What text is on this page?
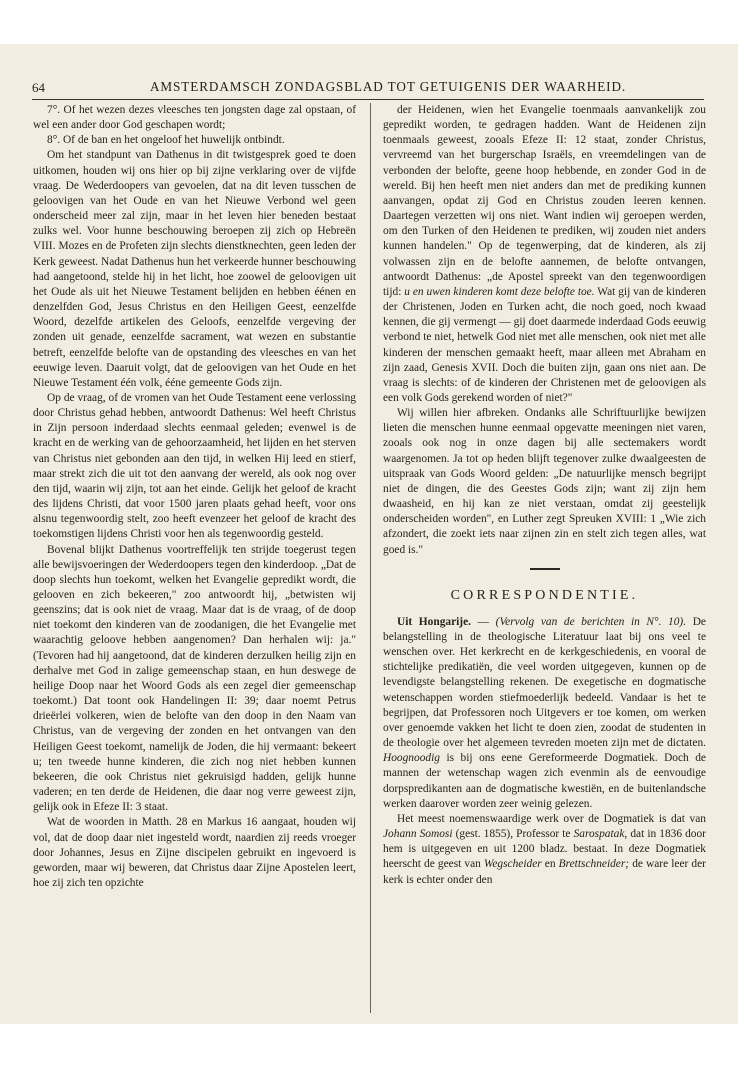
64	AMSTERDAMSCH ZONDAGSBLAD TOT GETUIGENIS DER WAARHEID.

7°. Of het wezen dezes vleesches ten jongsten dage zal opstaan, of wel een ander door God geschapen wordt;

8°. Of de ban en het ongeloof het huwelijk ontbindt.

Om het standpunt van Dathenus in dit twistgesprek goed te doen uitkomen, houden wij ons hier op bij zijne verklaring over de vijfde vraag. De Wederdoopers van gevoelen, dat na dit leven tusschen de geloovigen van het Oude en van het Nieuwe Verbond wel geen onderscheid meer zal zijn, maar in het leven hier beneden bestaat zulks wel. Voor hunne beschouwing beroepen zij zich op Hebreën VIII. Mozes en de Profeten zijn slechts dienstknechten, geen leden der Kerk geweest. Nadat Dathenus hun het verkeerde hunner beschouwing had aangetoond, stelde hij in het licht, hoe zoowel de geloovigen uit het Oude als uit het Nieuwe Testament belijden en hebben éénen en denzelfden God, Jesus Christus en den Heiligen Geest, eenzelfde Woord, dezelfde artikelen des Geloofs, eenzelfde vergeving der zonden uit genade, eenzelfde sacrament, wat wezen en substantie betreft, eenzelfde belofte van de opstanding des vleesches en van het eeuwige leven. Daaruit volgt, dat de geloovigen van het Oude en het Nieuwe Testament één volk, ééne gemeente Gods zijn.

Op de vraag, of de vromen van het Oude Testament eene verlossing door Christus gehad hebben, antwoordt Dathenus: Wel heeft Christus in Zijn persoon inderdaad slechts eenmaal geleden; evenwel is de kracht en de werking van de gehoorzaamheid, het lijden en het sterven van Christus niet gebonden aan den tijd, in welken Hij leed en stierf, maar strekt zich die uit tot den aanvang der wereld, als ook nog over den tijd, waarin wij zijn, tot aan het einde. Gelijk het geloof de kracht des lijdens Christi, dat voor 1500 jaren plaats gehad heeft, voor ons alsnu tegenwoordig stelt, zoo heeft evenzeer het geloof de kracht des toekomstigen lijdens Christi voor hen als tegenwoordig gesteld.

Bovenal blijkt Dathenus voortreffelijk ten strijde toegerust tegen alle bewijsvoeringen der Wederdoopers tegen den kinderdoop. „Dat de doop slechts hun toekomt, welken het Evangelie gepredikt wordt, die gelooven en zich bekeeren," zoo antwoordt hij, „betwisten wij geenszins; dat is ook niet de vraag. Maar dat is de vraag, of de doop niet toekomt den kinderen van de zoodanigen, die het Evangelie met waarachtig geloove hebben aangenomen? Dan herhalen wij: ja." (Tevoren had hij aangetoond, dat de kinderen derzulken heilig zijn en derhalve met God in zalige gemeenschap staan, en hun deswege de heilige Doop naar het Woord Gods als een zegel dier gemeenschap toekomt.) Dat toont ook Handelingen II: 39; daar noemt Petrus drieërlei volkeren, wien de belofte van den doop in den Naam van Christus, van de vergeving der zonden en het ontvangen van den Heiligen Geest toekomt, namelijk de Joden, die hij vermaant: bekeert u; ten tweede hunne kinderen, die zich nog niet hebben kunnen bekeeren, die ook Christus niet gekruisigd hadden, gelijk hunne vaderen; en ten derde de Heidenen, die daar nog verre geweest zijn, gelijk ook in Efeze II: 3 staat.

Wat de woorden in Matth. 28 en Markus 16 aangaat, houden wij vol, dat de doop daar niet ingesteld wordt, naardien zij reeds vroeger door Johannes, Jesus en Zijne discipelen gebruikt en ingevoerd is geworden, maar wij beweren, dat Christus daar Zijne Apostelen leert, hoe zij zich ten opzichte

der Heidenen, wien het Evangelie toenmaals aanvankelijk zou gepredikt worden, te gedragen hadden. Want de Heidenen zijn toenmaals geweest, zooals Efeze II: 12 staat, zonder Christus, vervreemd van het burgerschap Israëls, en vreemdelingen van de verbonden der belofte, geene hoop hebbende, en zonder God in de wereld. Bij hen heeft men niet anders dan met de prediking kunnen aanvangen, opdat zij God en Christus zouden leeren kennen. Daartegen verzetten wij ons niet. Want indien wij geroepen werden, om den Turken of den Heidenen te prediken, wij zouden niet anders kunnen handelen." Op de tegenwerping, dat de kinderen, als zij volwassen zijn en de belofte aannemen, de belofte ontvangen, antwoordt Dathenus: „de Apostel spreekt van den tegenwoordigen tijd: u en uwen kinderen komt deze belofte toe. Wat gij van de kinderen der Christenen, Joden en Turken acht, die noch goed, noch kwaad kennen, die gij vermengt — gij doet daarmede inderdaad Gods eeuwig verbond te niet, hetwelk God niet met alle menschen, ook niet met alle kinderen der menschen gemaakt heeft, maar alleen met Abraham en zijn zaad, Genesis XVII. Doch die buiten zijn, gaan ons niet aan. De vraag is slechts: of de kinderen der Christenen met de geloovigen als een volk Gods gerekend worden of niet?"

Wij willen hier afbreken. Ondanks alle Schriftuurlijke bewijzen lieten die menschen hunne eenmaal opgevatte meeningen niet varen, zooals ook nog in onze dagen bij alle sectemakers wordt waargenomen. Ja tot op heden blijft tegenover zulke dwaalgeesten de uitspraak van Gods Woord gelden: „De natuurlijke mensch begrijpt niet de dingen, die des Geestes Gods zijn; want zij zijn hem dwaasheid, en hij kan ze niet verstaan, omdat zij geestelijk onderscheiden worden", en Luther zegt Spreuken XVIII: 1 „Wie zich afzondert, die zoekt iets naar zijnen zin en stelt zich tegen alles, wat goed is."

CORRESPONDENTIE.

Uit Hongarije. — (Vervolg van de berichten in N°. 10). De belangstelling in de theologische Literatuur laat bij ons veel te wenschen over. Het kerkrecht en de kerkgeschiedenis, en vooral de stichtelijke predikatiën, die veel worden uitgegeven, kunnen op de levendigste belangstelling rekenen. De exegetische en dogmatische wetenschappen worden stiefmoederlijk bedeeld. Vandaar is het te begrijpen, dat Professoren noch Uitgevers er toe komen, om werken over genoemde vakken het licht te doen zien, zoodat de studenten in de theologie over het algemeen tevreden moeten zijn met de dictaten. Hoognoodig is bij ons eene Gereformeerde Dogmatiek. Doch de mannen der wetenschap wagen zich evenmin als de eenvoudige dorpspredikanten aan de dogmatische kwestiën, en de buitenlandsche werken daarover worden zeer weinig gelezen.

Het meest noemenswaardige werk over de Dogmatiek is dat van Johann Somosi (gest. 1855), Professor te Sarospatak, dat in 1836 door hem is uitgegeven en uit 1200 bladz. bestaat. In deze Dogmatiek heerscht de geest van Wegscheider en Brettschneider; de ware leer der kerk is echter onder den
